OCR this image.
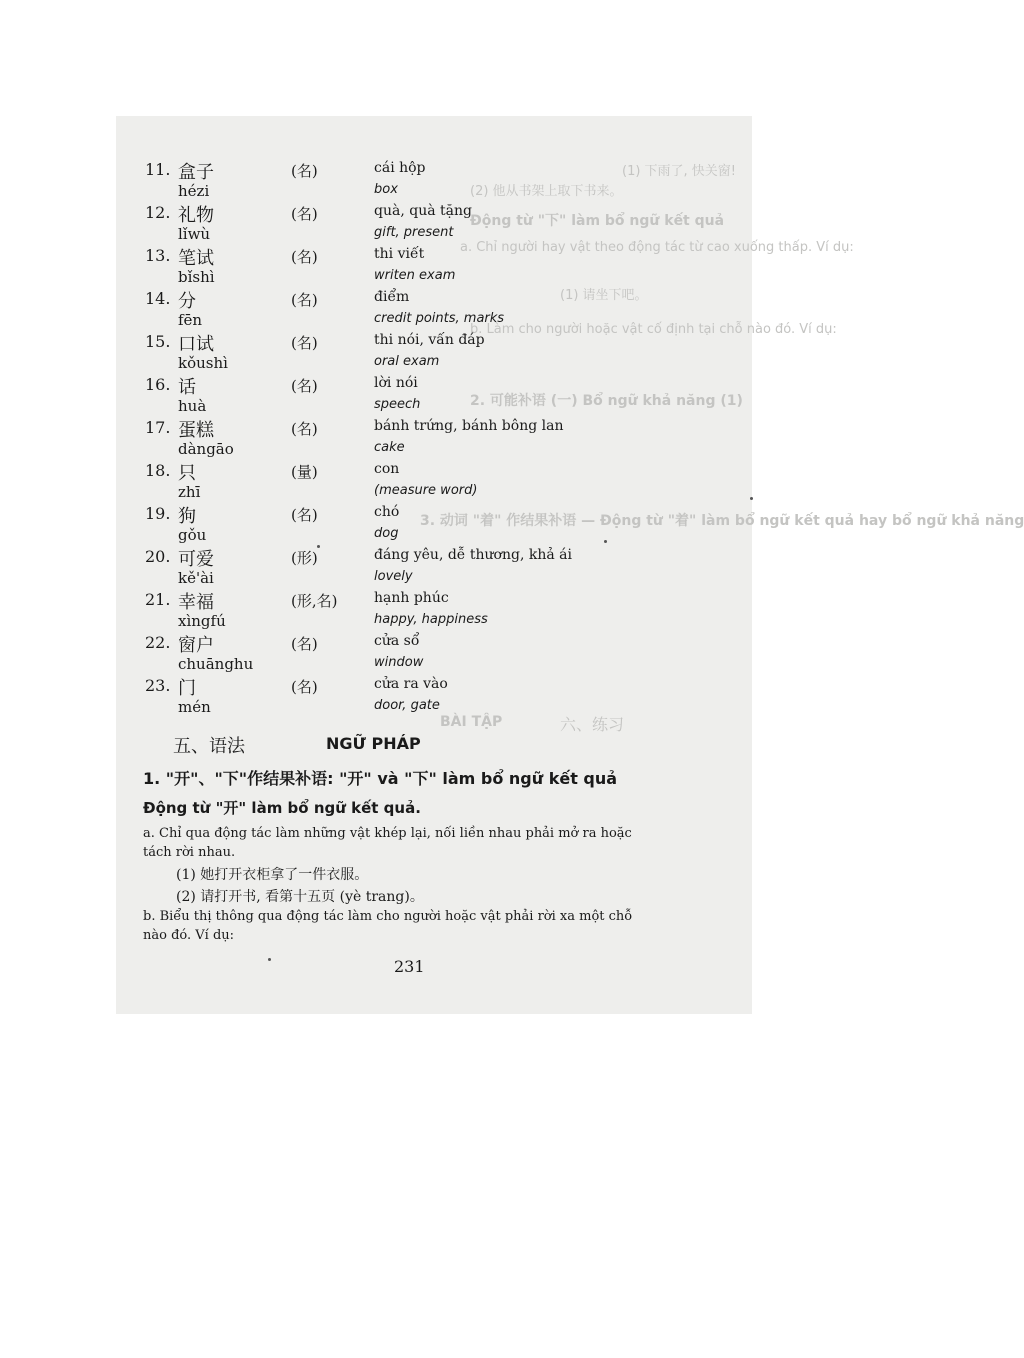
(1) 下雨了, 快关窗!
(2) 他从书架上取下书来。
Động từ "下" làm bổ ngữ kết quả
a. Chỉ người hay vật theo động tác từ cao xuống thấp. Ví dụ:
(1) 请坐下吧。
b. Làm cho người hoặc vật cố định tại chỗ nào đó. Ví dụ:
2. 可能补语 (一) Bổ ngữ khả năng (1)
3. 动词 "着" 作结果补语 — Động từ "着" làm bổ ngữ kết quả hay bổ ngữ khả năng
六、练习
BÀI TẬP
11. 盒子
hézi
(名)	cái hộp
box
12. 礼物
lǐwù
(名)	quà, quà tặng
gift, present
13. 笔试
bǐshì
(名)	thi viết
writen exam
14. 分
fēn
(名)	điểm
credit points, marks
15. 口试
kǒushì
(名)	thi nói, vấn đáp
oral exam
16. 话
huà
(名)	lời nói
speech
17. 蛋糕
dàngāo
(名)	bánh trứng, bánh bông lan
cake
18. 只
zhī
(量)	con
(measure word)
19. 狗
gǒu
(名)	chó
dog
20. 可爱
kě'ài
(形)	đáng yêu, dễ thương, khả ái
lovely
21. 幸福
xìngfú
(形,名)	hạnh phúc
happy, happiness
22. 窗户
chuānghu
(名)	cửa sổ
window
23. 门
mén
(名)	cửa ra vào
door, gate
五、语法	NGỮ PHÁP
1. "开"、"下"作结果补语: "开" và "下" làm bổ ngữ kết quả
Động từ "开" làm bổ ngữ kết quả.
a. Chỉ qua động tác làm những vật khép lại, nối liền nhau phải mở ra hoặc
tách rời nhau.
(1) 她打开衣柜拿了一件衣服。
(2) 请打开书, 看第十五页 (yè trang)。
b. Biểu thị thông qua động tác làm cho người hoặc vật phải rời xa một chỗ
nào đó. Ví dụ:
231
